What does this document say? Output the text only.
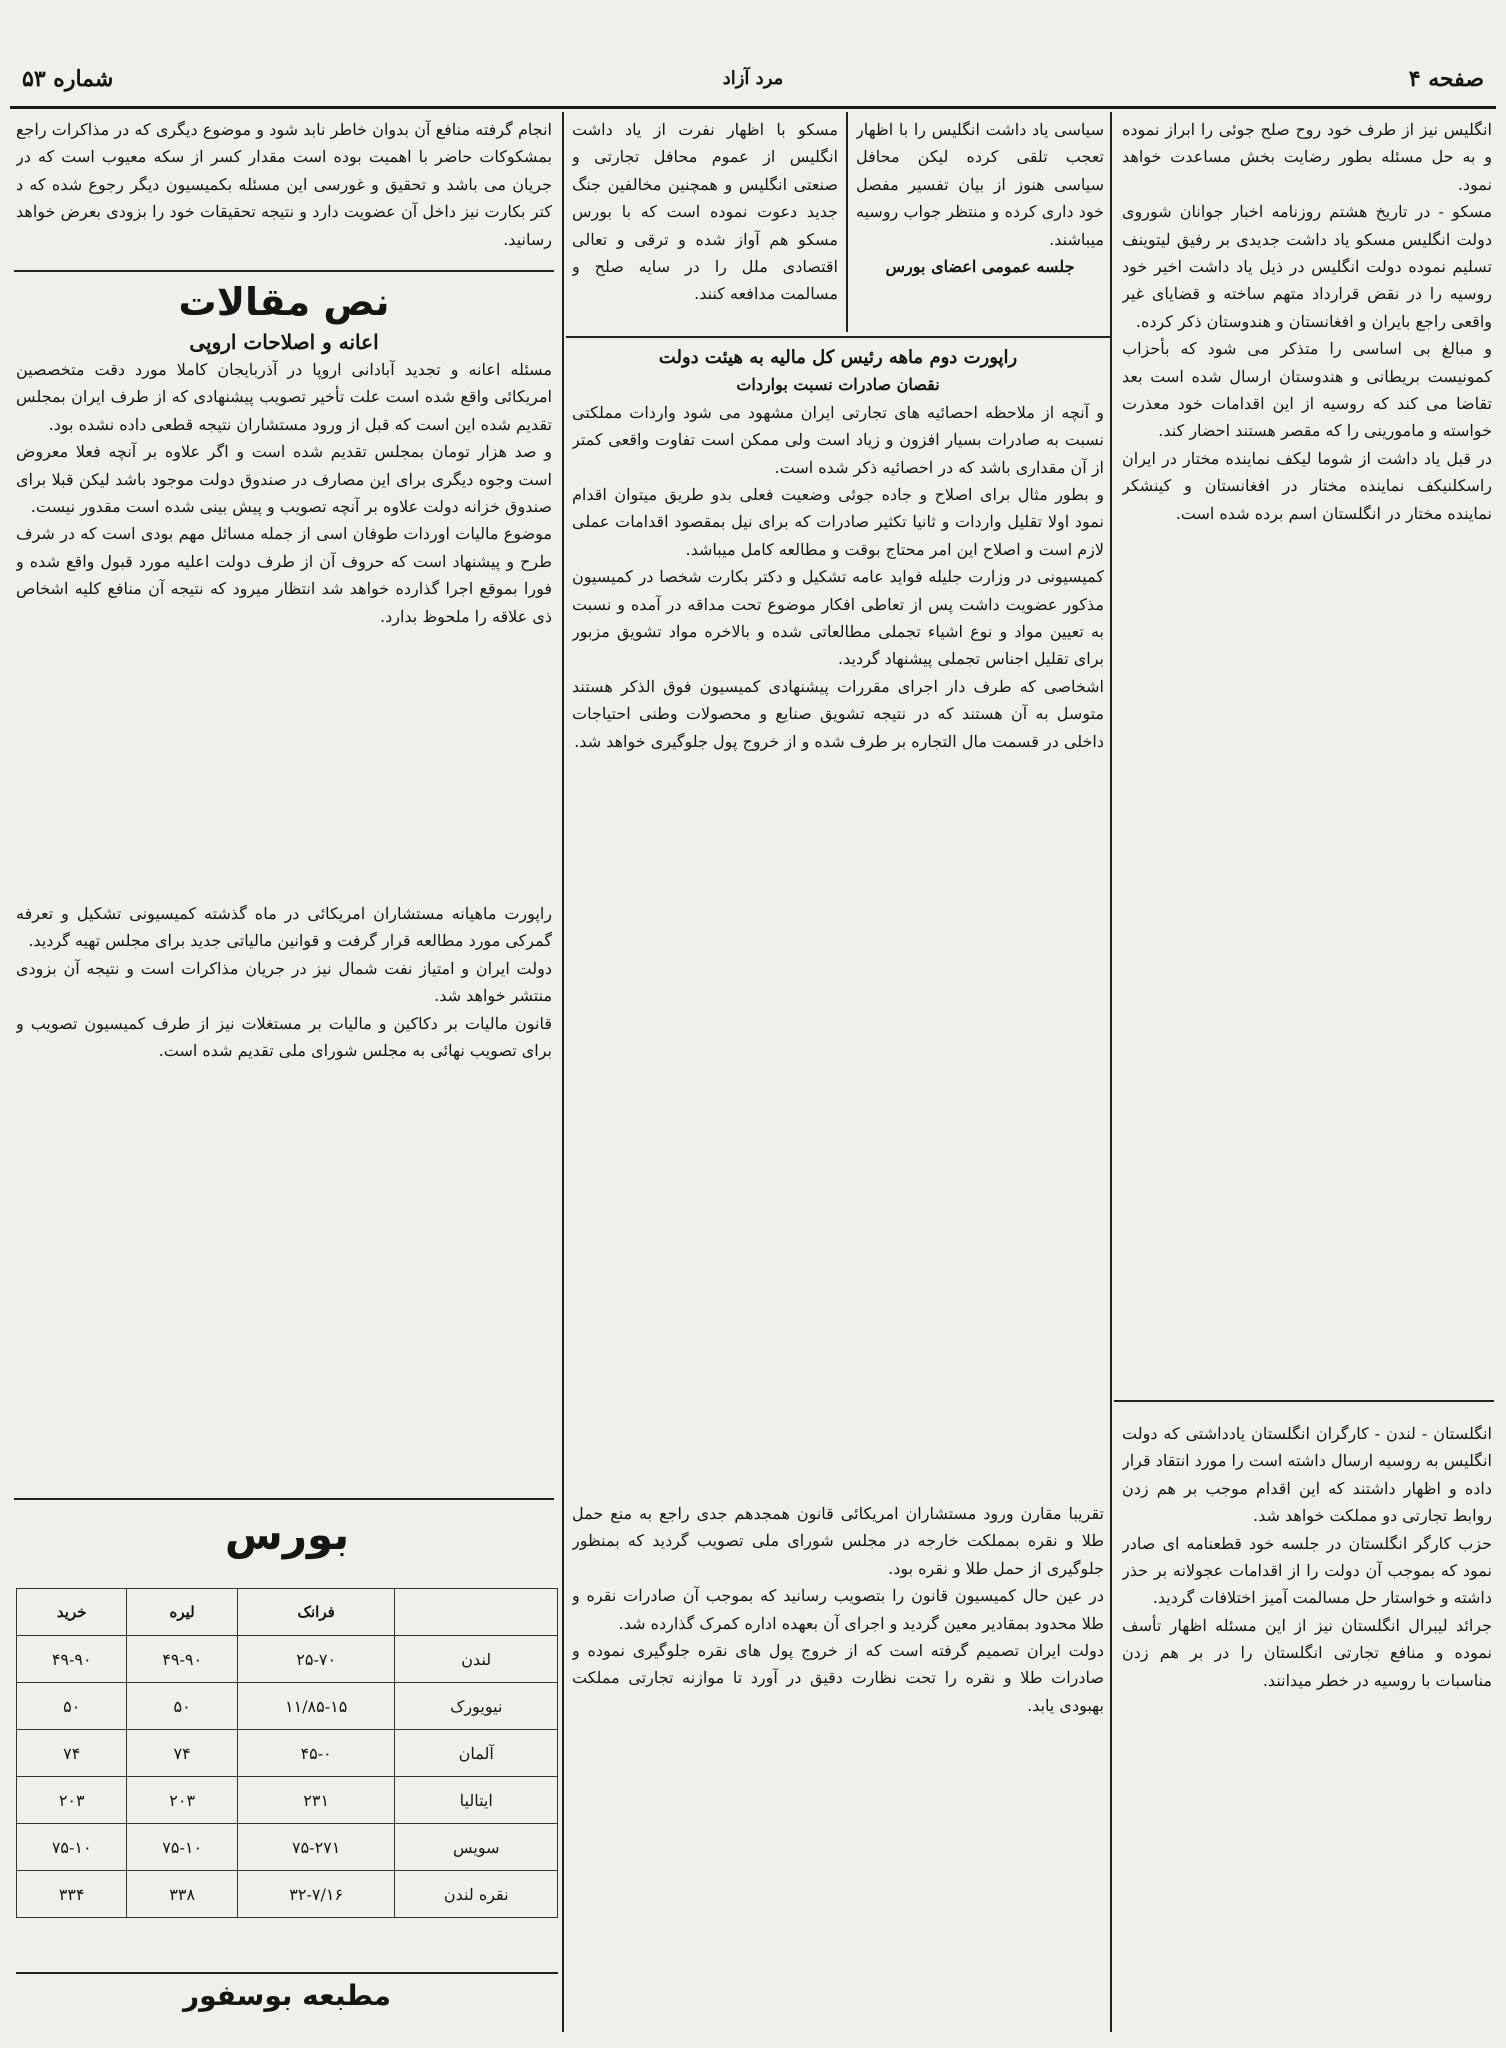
صفحه ۴
مرد آزاد
شماره ۵۳

انگلیس نیز از طرف خود روح صلح جوئی را ابراز نموده و به حل مسئله بطور رضایت بخش مساعدت خواهد نمود.

مسکو - در تاریخ هشتم روزنامه اخبار جوانان شوروی دولت انگلیس مسکو یاد داشت جدیدی بر رفیق لیتوینف تسلیم نموده دولت انگلیس در ذیل یاد داشت اخیر خود روسیه را در نقض قرارداد متهم ساخته و قضایای غیر واقعی راجع بایران و افغانستان و هندوستان ذکر کرده.

و مبالغ بی اساسی را متذکر می شود که بأحزاب کمونیست بریطانی و هندوستان ارسال شده است بعد تقاضا می کند که روسیه از این اقدامات خود معذرت خواسته و مامورینی را که مقصر هستند احضار کند.

در قبل یاد داشت از شوما لیکف نماینده مختار در ایران راسکلنیکف نماینده مختار در افغانستان و کینشکر نماینده مختار در انگلستان اسم برده شده است.

انگلستان - لندن - کارگران انگلستان یادداشتی که دولت انگلیس به روسیه ارسال داشته است را مورد انتقاد قرار داده و اظهار داشتند که این اقدام موجب بر هم زدن روابط تجارتی دو مملکت خواهد شد.

حزب کارگر انگلستان در جلسه خود قطعنامه ای صادر نمود که بموجب آن دولت را از اقدامات عجولانه بر حذر داشته و خواستار حل مسالمت آمیز اختلافات گردید.

جرائد لیبرال انگلستان نیز از این مسئله اظهار تأسف نموده و منافع تجارتی انگلستان را در بر هم زدن مناسبات با روسیه در خطر میدانند.

سیاسی یاد داشت انگلیس را با اظهار تعجب تلقی کرده لیکن محافل سیاسی هنوز از بیان تفسیر مفصل خود داری کرده و منتظر جواب روسیه میباشند.

جلسه عمومی اعضای بورس

مسکو با اظهار نفرت از یاد داشت انگلیس از عموم محافل تجارتی و صنعتی انگلیس و همچنین مخالفین جنگ جدید دعوت نموده است که با بورس مسکو هم آواز شده و ترقی و تعالی اقتصادی ملل را در سایه صلح و مسالمت مدافعه کنند.

راپورت دوم ماهه رئیس کل مالیه به هیئت دولت

نقصان صادرات نسبت بواردات

و آنچه از ملاحظه احصائیه های تجارتی ایران مشهود می شود واردات مملکتی نسبت به صادرات بسیار افزون و زیاد است ولی ممکن است تفاوت واقعی کمتر از آن مقداری باشد که در احصائیه ذکر شده است.

و بطور مثال برای اصلاح و جاده جوئی وضعیت فعلی بدو طریق میتوان اقدام نمود اولا تقلیل واردات و ثانیا تکثیر صادرات که برای نیل بمقصود اقدامات عملی لازم است و اصلاح این امر محتاج بوقت و مطالعه کامل میباشد.

کمیسیونی در وزارت جلیله فواید عامه تشکیل و دکتر بکارت شخصا در کمیسیون مذکور عضویت داشت پس از تعاطی افکار موضوع تحت مداقه در آمده و نسبت به تعیین مواد و نوع اشیاء تجملی مطالعاتی شده و بالاخره مواد تشویق مزبور برای تقلیل اجناس تجملی پیشنهاد گردید.

اشخاصی که طرف دار اجرای مقررات پیشنهادی کمیسیون فوق الذکر هستند متوسل به آن هستند که در نتیجه تشویق صنایع و محصولات وطنی احتیاجات داخلی در قسمت مال التجاره بر طرف شده و از خروج پول جلوگیری خواهد شد.

تقریبا مقارن ورود مستشاران امریکائی قانون همجدهم جدی راجع به منع حمل طلا و نقره بمملکت خارجه در مجلس شورای ملی تصویب گردید که بمنظور جلوگیری از حمل طلا و نقره بود.

در عین حال کمیسیون قانون را بتصویب رسانید که بموجب آن صادرات نقره و طلا محدود بمقادیر معین گردید و اجرای آن بعهده اداره کمرک گذارده شد.

دولت ایران تصمیم گرفته است که از خروج پول های نقره جلوگیری نموده و صادرات طلا و نقره را تحت نظارت دقیق در آورد تا موازنه تجارتی مملکت بهبودی یابد.

انجام گرفته منافع آن بدوان خاطر نابد شود و موضوع دیگری که در مذاکرات راجع بمشکوکات حاضر با اهمیت بوده است مقدار کسر از سکه معیوب است که در جریان می باشد و تحقیق و غورسی این مسئله بکمیسیون دیگر رجوع شده که د کتر بکارت نیز داخل آن عضویت دارد و نتیجه تحقیقات خود را بزودی بعرض خواهد رسانید.

نص مقالات
اعانه و اصلاحات اروپی

مسئله اعانه و تجدید آبادانی اروپا در آذربایجان کاملا مورد دقت متخصصین امریکائی واقع شده است علت تأخیر تصویب پیشنهادی که از طرف ایران بمجلس تقدیم شده این است که قبل از ورود مستشاران نتیجه قطعی داده نشده بود.

و صد هزار تومان بمجلس تقدیم شده است و اگر علاوه بر آنچه فعلا معروض است وجوه دیگری برای این مصارف در صندوق دولت موجود باشد لیکن قبلا برای صندوق خزانه دولت علاوه بر آنچه تصویب و پیش بینی شده است مقدور نیست.

موضوع مالیات اوردات طوفان اسی از جمله مسائل مهم بودی است که در شرف طرح و پیشنهاد است که حروف آن از طرف دولت اعلیه مورد قبول واقع شده و فورا بموقع اجرا گذارده خواهد شد انتظار میرود که نتیجه آن منافع کلیه اشخاص ذی علاقه را ملحوظ بدارد.

راپورت ماهیانه مستشاران امریکائی در ماه گذشته کمیسیونی تشکیل و تعرفه گمرکی مورد مطالعه قرار گرفت و قوانین مالیاتی جدید برای مجلس تهیه گردید.

دولت ایران و امتیاز نفت شمال نیز در جریان مذاکرات است و نتیجه آن بزودی منتشر خواهد شد.

قانون مالیات بر دکاکین و مالیات بر مستغلات نیز از طرف کمیسیون تصویب و برای تصویب نهائی به مجلس شورای ملی تقدیم شده است.

بورس
	فرانک	لیره	خرید
لندن	۲۵-۷۰	۴۹-۹۰	۴۹-۹۰
نیویورک	۱۱/۸۵-۱۵	۵۰	۵۰
آلمان	۴۵-۰	۷۴	۷۴
ایتالیا	۲۳۱	۲۰۳	۲۰۳
سویس	۷۵-۲۷۱	۷۵-۱۰	۷۵-۱۰
نقره لندن	۳۲-۷/۱۶	۳۳۸	۳۳۴
مطبعه بوسفور
